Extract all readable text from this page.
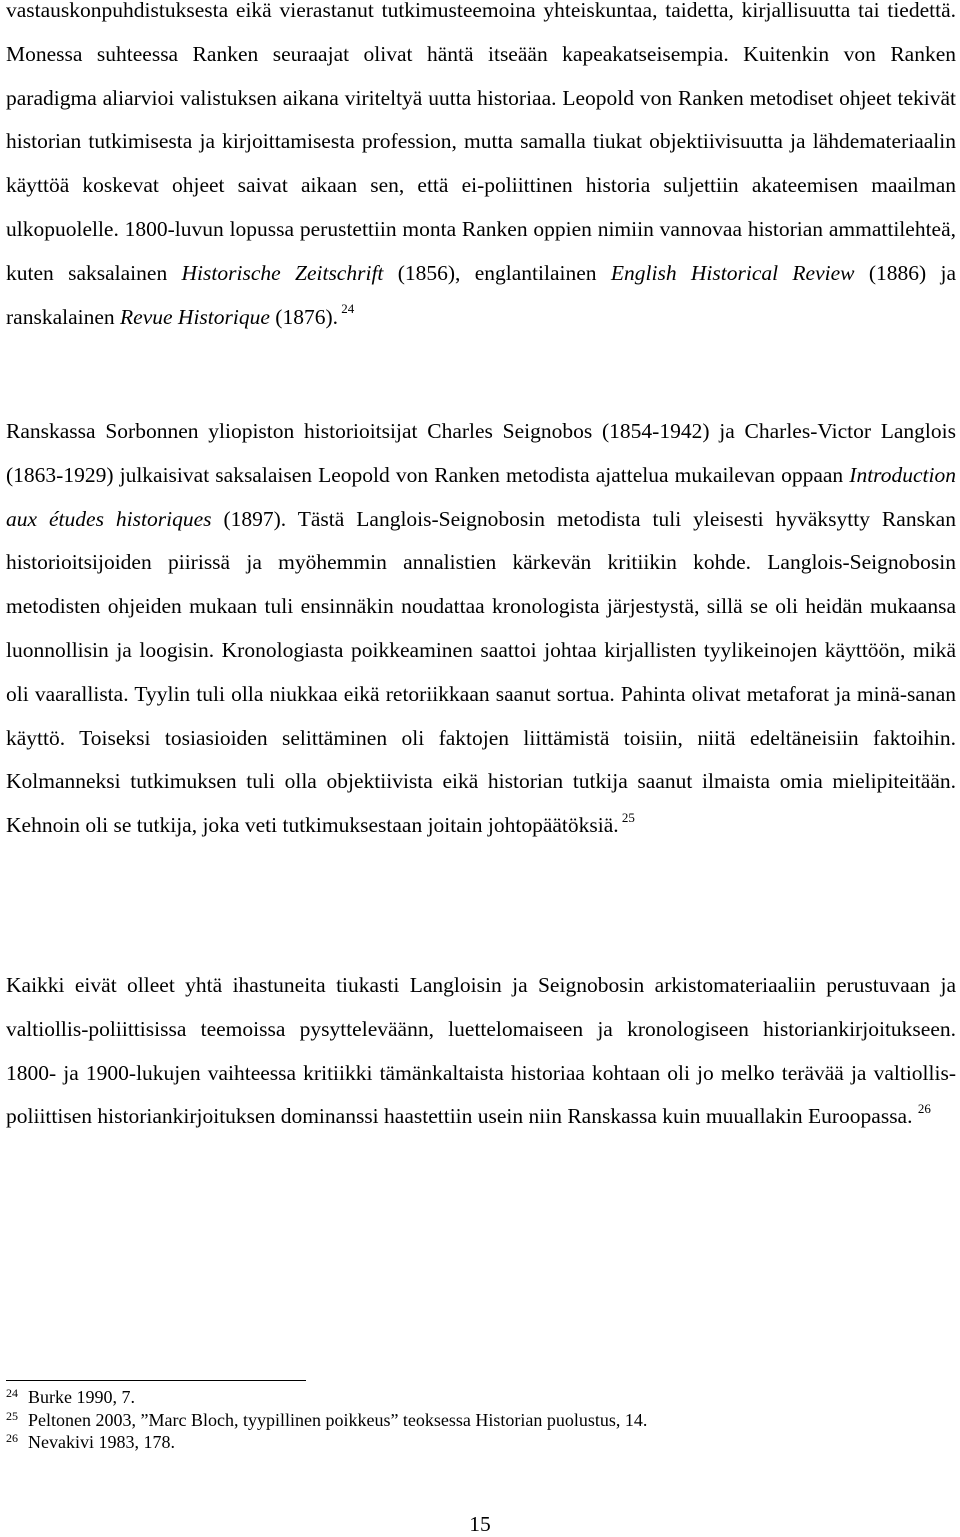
vastauskonpuhdistuksesta eikä vierastanut tutkimusteemoina yhteiskuntaa, taidetta, kirjallisuutta tai tiedettä. Monessa suhteessa Ranken seuraajat olivat häntä itseään kapeakatseisempia. Kuitenkin von Ranken paradigma aliarvioi valistuksen aikana viriteltyä uutta historiaa. Leopold von Ranken metodiset ohjeet tekivät historian tutkimisesta ja kirjoittamisesta profession, mutta samalla tiukat objektiivisuutta ja lähdemateriaalin käyttöä koskevat ohjeet saivat aikaan sen, että ei-poliittinen historia suljettiin akateemisen maailman ulkopuolelle. 1800-luvun lopussa perustettiin monta Ranken oppien nimiin vannovaa historian ammattilehteä, kuten saksalainen Historische Zeitschrift (1856), englantilainen English Historical Review (1886) ja ranskalainen Revue Historique (1876). $^{24}$

Ranskassa Sorbonnen yliopiston historioitsijat Charles Seignobos (1854-1942) ja Charles-Victor Langlois (1863-1929) julkaisivat saksalaisen Leopold von Ranken metodista ajattelua mukailevan oppaan Introduction aux études historiques (1897). Tästä Langlois-Seignobosin metodista tuli yleisesti hyväksytty Ranskan historioitsijoiden piirissä ja myöhemmin annalistien kärkevän kritiikin kohde. Langlois-Seignobosin metodisten ohjeiden mukaan tuli ensinnäkin noudattaa kronologista järjestystä, sillä se oli heidän mukaansa luonnollisin ja loogisin. Kronologiasta poikkeaminen saattoi johtaa kirjallisten tyylikeinojen käyttöön, mikä oli vaarallista. Tyylin tuli olla niukkaa eikä retoriikkaan saanut sortua. Pahinta olivat metaforat ja minä-sanan käyttö. Toiseksi tosiasioiden selittäminen oli faktojen liittämistä toisiin, niitä edeltäneisiin faktoihin. Kolmanneksi tutkimuksen tuli olla objektiivista eikä historian tutkija saanut ilmaista omia mielipiteitään. Kehnoin oli se tutkija, joka veti tutkimuksestaan joitain johtopäätöksiä. $^{25}$

Kaikki eivät olleet yhtä ihastuneita tiukasti Langloisin ja Seignobosin arkistomateriaaliin perustuvaan ja valtiollis-poliittisissa teemoissa pysytteleväänn, luettelomaiseen ja kronologiseen historiankirjoitukseen. 1800- ja 1900-lukujen vaihteessa kritiikki tämänkaltaista historiaa kohtaan oli jo melko terävää ja valtiollis-poliittisen historiankirjoituksen dominanssi haastettiin usein niin Ranskassa kuin muuallakin Euroopassa. $^{26}$

24 Burke 1990, 7.
25 Peltonen 2003, ”Marc Bloch, tyypillinen poikkeus” teoksessa Historian puolustus, 14.
26 Nevakivi 1983, 178.
15
